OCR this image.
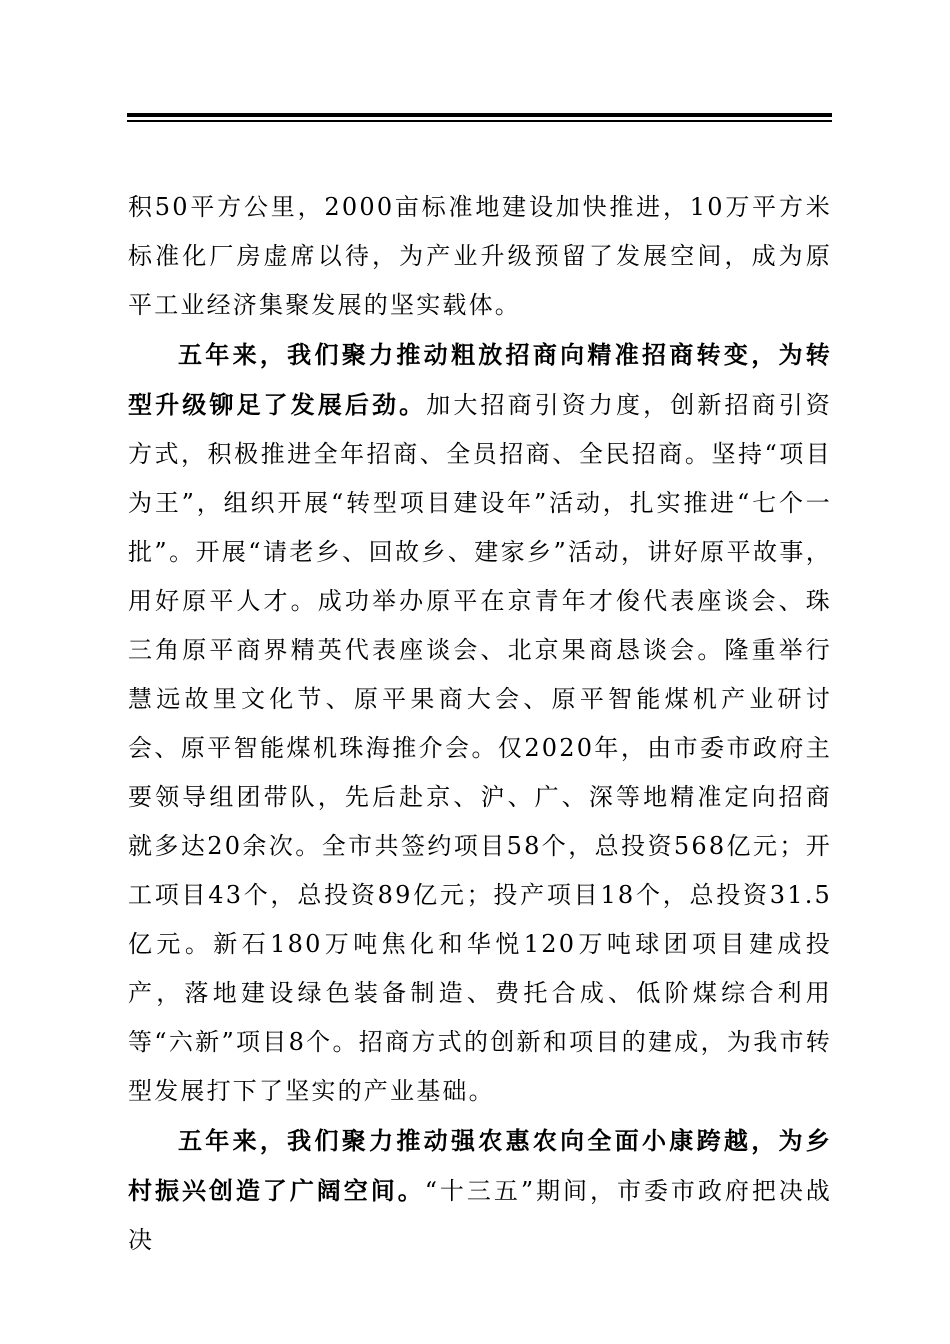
积50平方公里，2000亩标准地建设加快推进，10万平方米标准化厂房虚席以待，为产业升级预留了发展空间，成为原平工业经济集聚发展的坚实载体。

五年来，我们聚力推动粗放招商向精准招商转变，为转型升级铆足了发展后劲。加大招商引资力度，创新招商引资方式，积极推进全年招商、全员招商、全民招商。坚持“项目为王”，组织开展“转型项目建设年”活动，扎实推进“七个一批”。开展“请老乡、回故乡、建家乡”活动，讲好原平故事，用好原平人才。成功举办原平在京青年才俊代表座谈会、珠三角原平商界精英代表座谈会、北京果商恳谈会。隆重举行慧远故里文化节、原平果商大会、原平智能煤机产业研讨会、原平智能煤机珠海推介会。仅2020年，由市委市政府主要领导组团带队，先后赴京、沪、广、深等地精准定向招商就多达20余次。全市共签约项目58个，总投资568亿元；开工项目43个，总投资89亿元；投产项目18个，总投资31.5亿元。新石180万吨焦化和华悦120万吨球团项目建成投产，落地建设绿色装备制造、费托合成、低阶煤综合利用等“六新”项目8个。招商方式的创新和项目的建成，为我市转型发展打下了坚实的产业基础。

五年来，我们聚力推动强农惠农向全面小康跨越，为乡村振兴创造了广阔空间。“十三五”期间，市委市政府把决战决
